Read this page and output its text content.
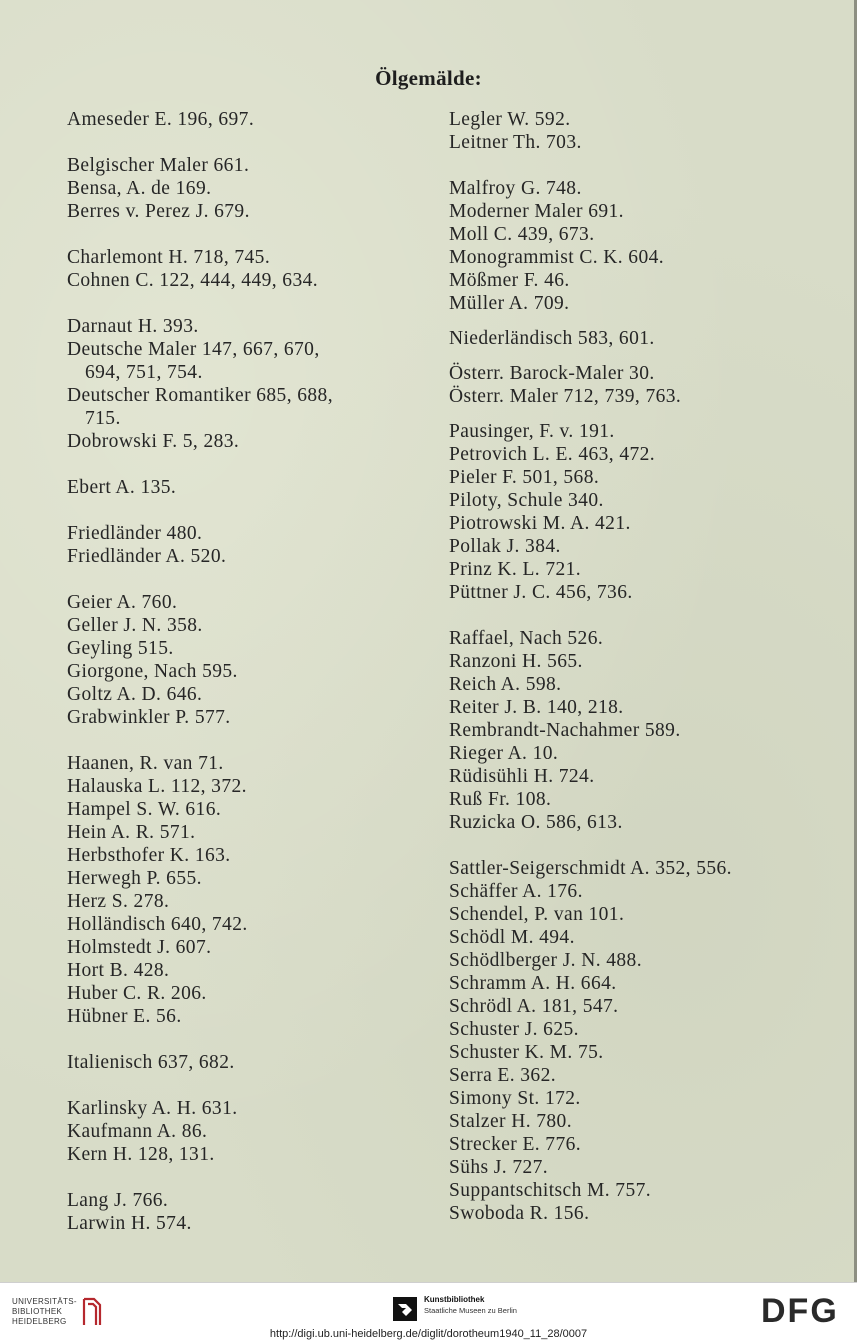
Ölgemälde:
Ameseder E. 196, 697.
Belgischer Maler 661.
Bensa, A. de 169.
Berres v. Perez J. 679.
Charlemont H. 718, 745.
Cohnen C. 122, 444, 449, 634.
Darnaut H. 393.
Deutsche Maler 147, 667, 670,
694, 751, 754.
Deutscher Romantiker 685, 688,
715.
Dobrowski F. 5, 283.
Ebert A. 135.
Friedländer 480.
Friedländer A. 520.
Geier A. 760.
Geller J. N. 358.
Geyling 515.
Giorgone, Nach 595.
Goltz A. D. 646.
Grabwinkler P. 577.
Haanen, R. van 71.
Halauska L. 112, 372.
Hampel S. W. 616.
Hein A. R. 571.
Herbsthofer K. 163.
Herwegh P. 655.
Herz S. 278.
Holländisch 640, 742.
Holmstedt J. 607.
Hort B. 428.
Huber C. R. 206.
Hübner E. 56.
Italienisch 637, 682.
Karlinsky A. H. 631.
Kaufmann A. 86.
Kern H. 128, 131.
Lang J. 766.
Larwin H. 574.
Legler W. 592.
Leitner Th. 703.
Malfroy G. 748.
Moderner Maler 691.
Moll C. 439, 673.
Monogrammist C. K. 604.
Mößmer F. 46.
Müller A. 709.
Niederländisch 583, 601.
Österr. Barock-Maler 30.
Österr. Maler 712, 739, 763.
Pausinger, F. v. 191.
Petrovich L. E. 463, 472.
Pieler F. 501, 568.
Piloty, Schule 340.
Piotrowski M. A. 421.
Pollak J. 384.
Prinz K. L. 721.
Püttner J. C. 456, 736.
Raffael, Nach 526.
Ranzoni H. 565.
Reich A. 598.
Reiter J. B. 140, 218.
Rembrandt-Nachahmer 589.
Rieger A. 10.
Rüdisühli H. 724.
Ruß Fr. 108.
Ruzicka O. 586, 613.
Sattler-Seigerschmidt A. 352, 556.
Schäffer A. 176.
Schendel, P. van 101.
Schödl M. 494.
Schödlberger J. N. 488.
Schramm A. H. 664.
Schrödl A. 181, 547.
Schuster J. 625.
Schuster K. M. 75.
Serra E. 362.
Simony St. 172.
Stalzer H. 780.
Strecker E. 776.
Sühs J. 727.
Suppantschitsch M. 757.
Swoboda R. 156.
UNIVERSITÄTS-
BIBLIOTHEK
HEIDELBERG
Kunstbibliothek
Staatliche Museen zu Berlin	DFG
http://digi.ub.uni-heidelberg.de/diglit/dorotheum1940_11_28/0007
